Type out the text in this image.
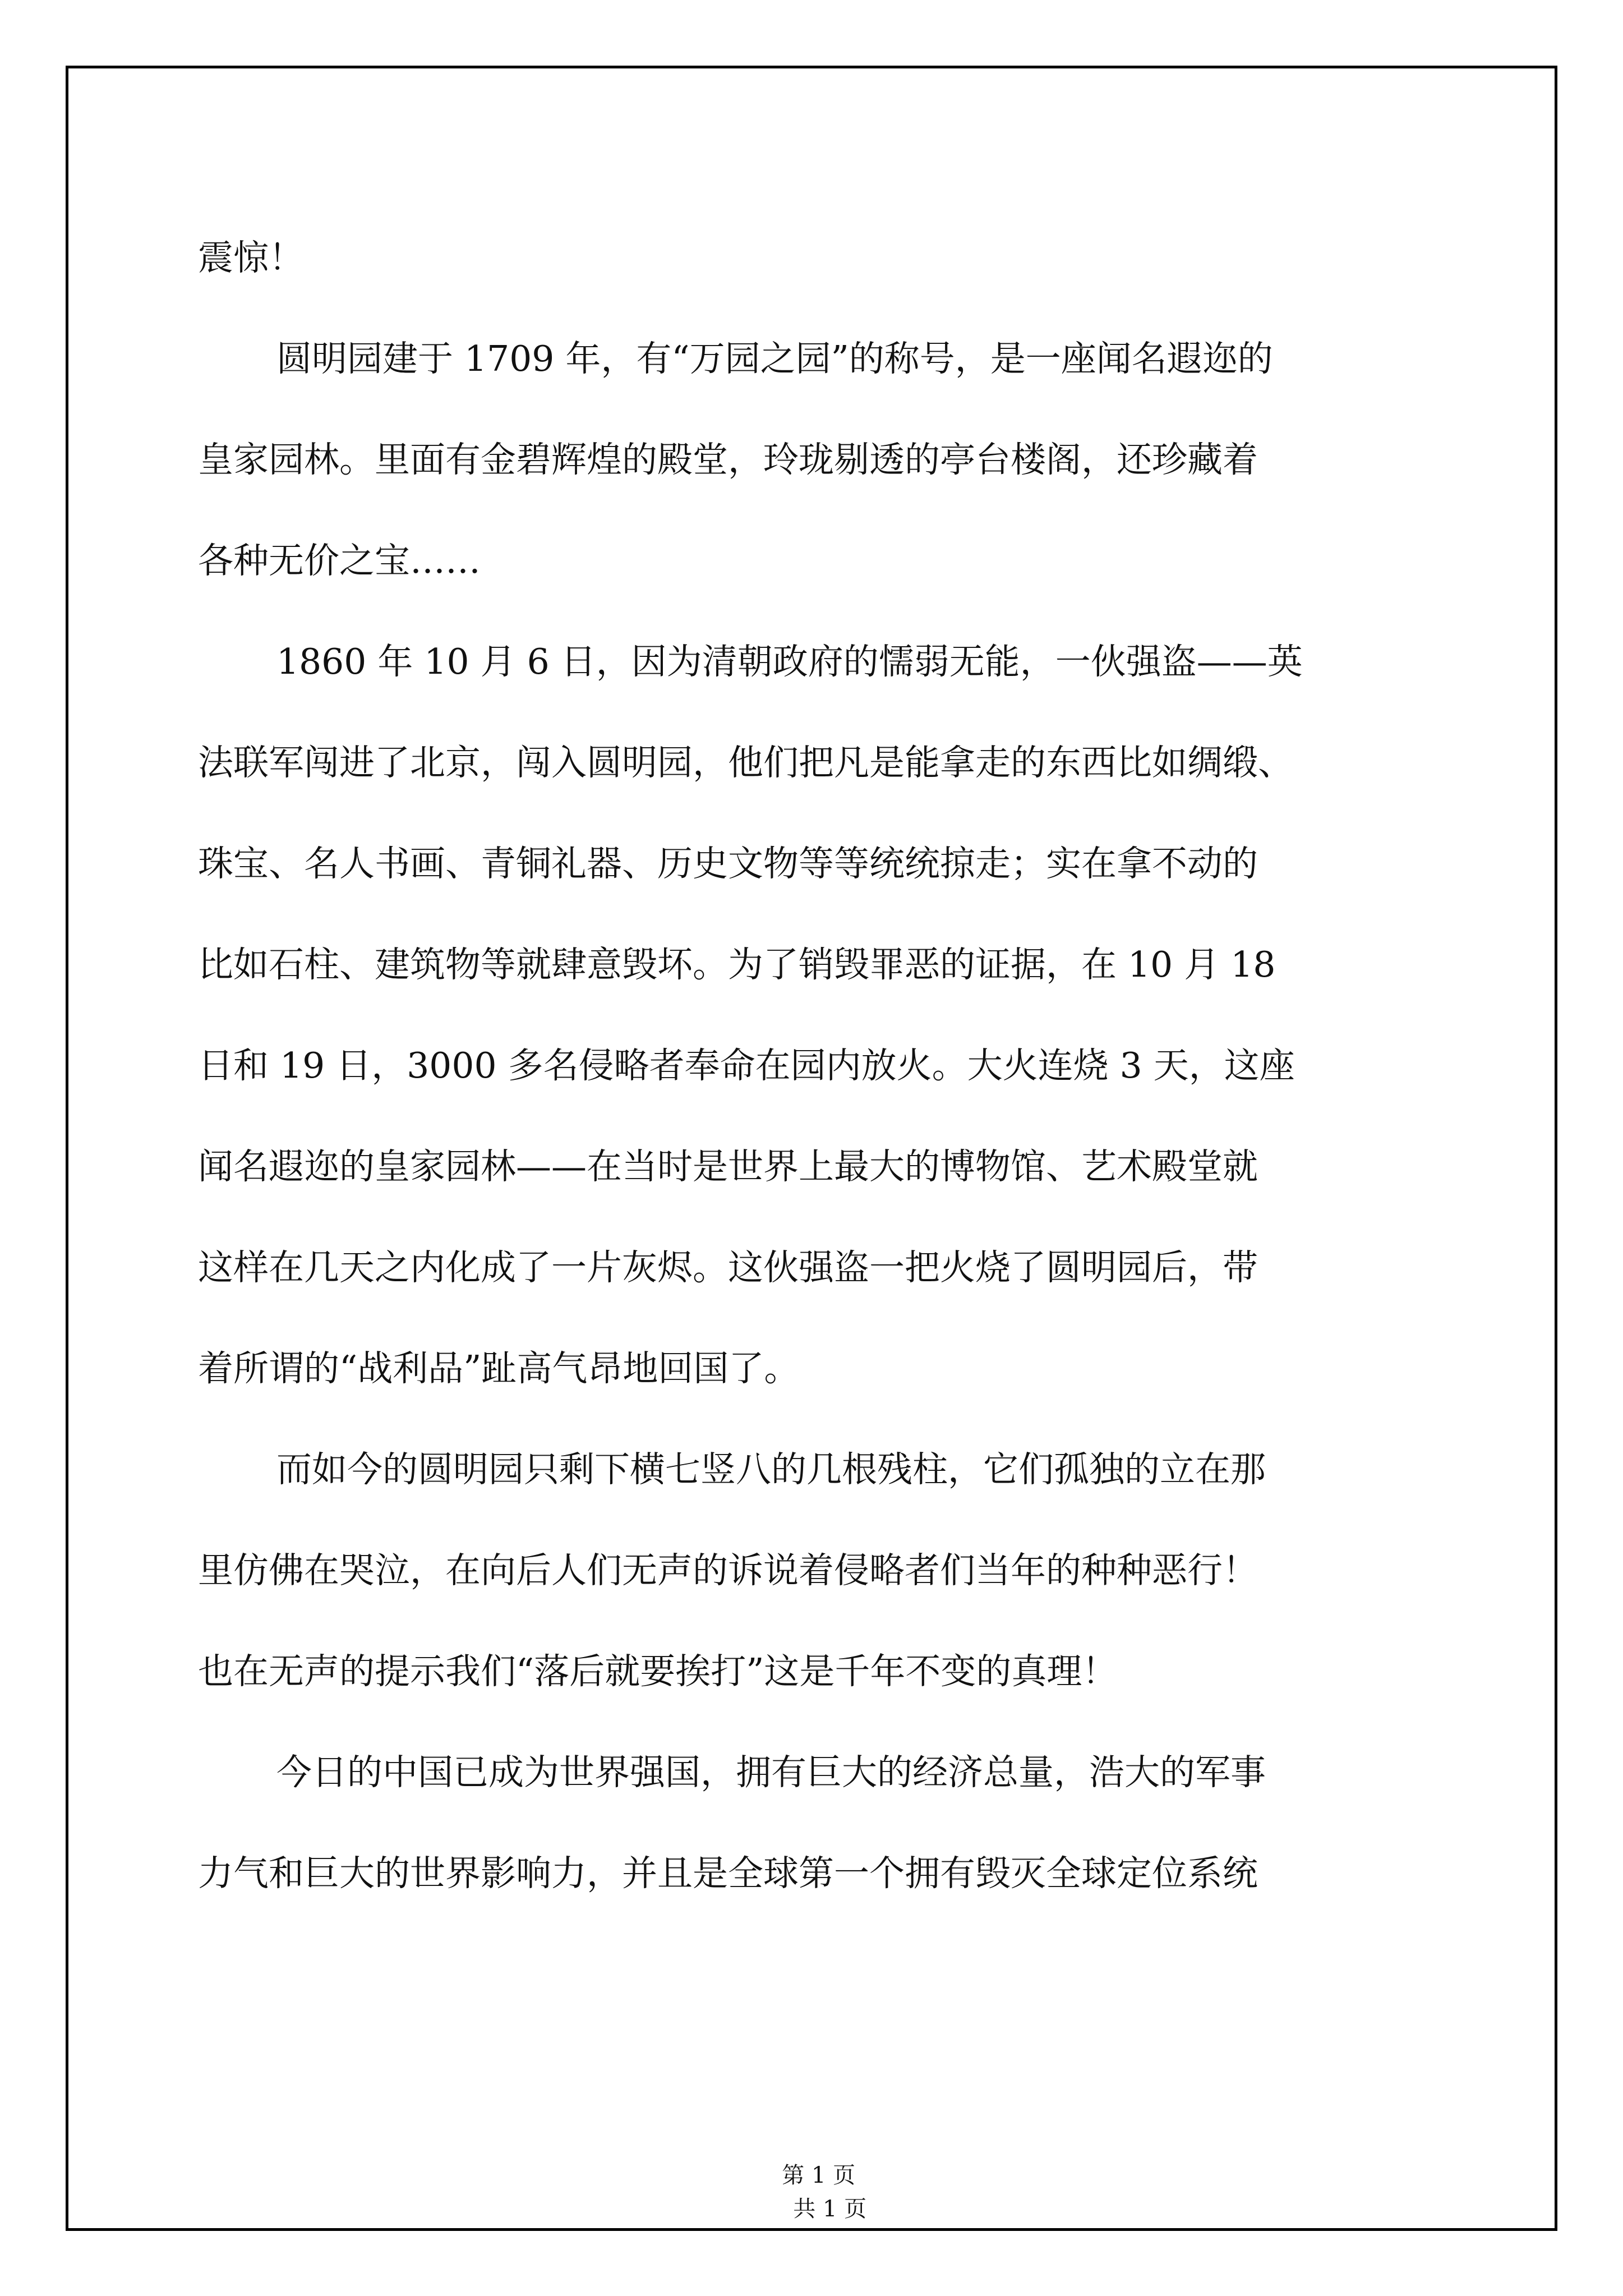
震惊！
圆明园建于 1709 年，有“万园之园”的称号，是一座闻名遐迩的
皇家园林。里面有金碧辉煌的殿堂，玲珑剔透的亭台楼阁，还珍藏着
各种无价之宝……
1860 年 10 月 6 日，因为清朝政府的懦弱无能，一伙强盗——英
法联军闯进了北京，闯入圆明园，他们把凡是能拿走的东西比如绸缎、
珠宝、名人书画、青铜礼器、历史文物等等统统掠走；实在拿不动的
比如石柱、建筑物等就肆意毁坏。为了销毁罪恶的证据，在 10 月 18
日和 19 日，3000 多名侵略者奉命在园内放火。大火连烧 3 天，这座
闻名遐迩的皇家园林——在当时是世界上最大的博物馆、艺术殿堂就
这样在几天之内化成了一片灰烬。这伙强盗一把火烧了圆明园后，带
着所谓的“战利品”趾高气昂地回国了。
而如今的圆明园只剩下横七竖八的几根残柱，它们孤独的立在那
里仿佛在哭泣，在向后人们无声的诉说着侵略者们当年的种种恶行！
也在无声的提示我们“落后就要挨打”这是千年不变的真理！
今日的中国已成为世界强国，拥有巨大的经济总量，浩大的军事
力气和巨大的世界影响力，并且是全球第一个拥有毁灭全球定位系统

第 1 页
共 1 页
